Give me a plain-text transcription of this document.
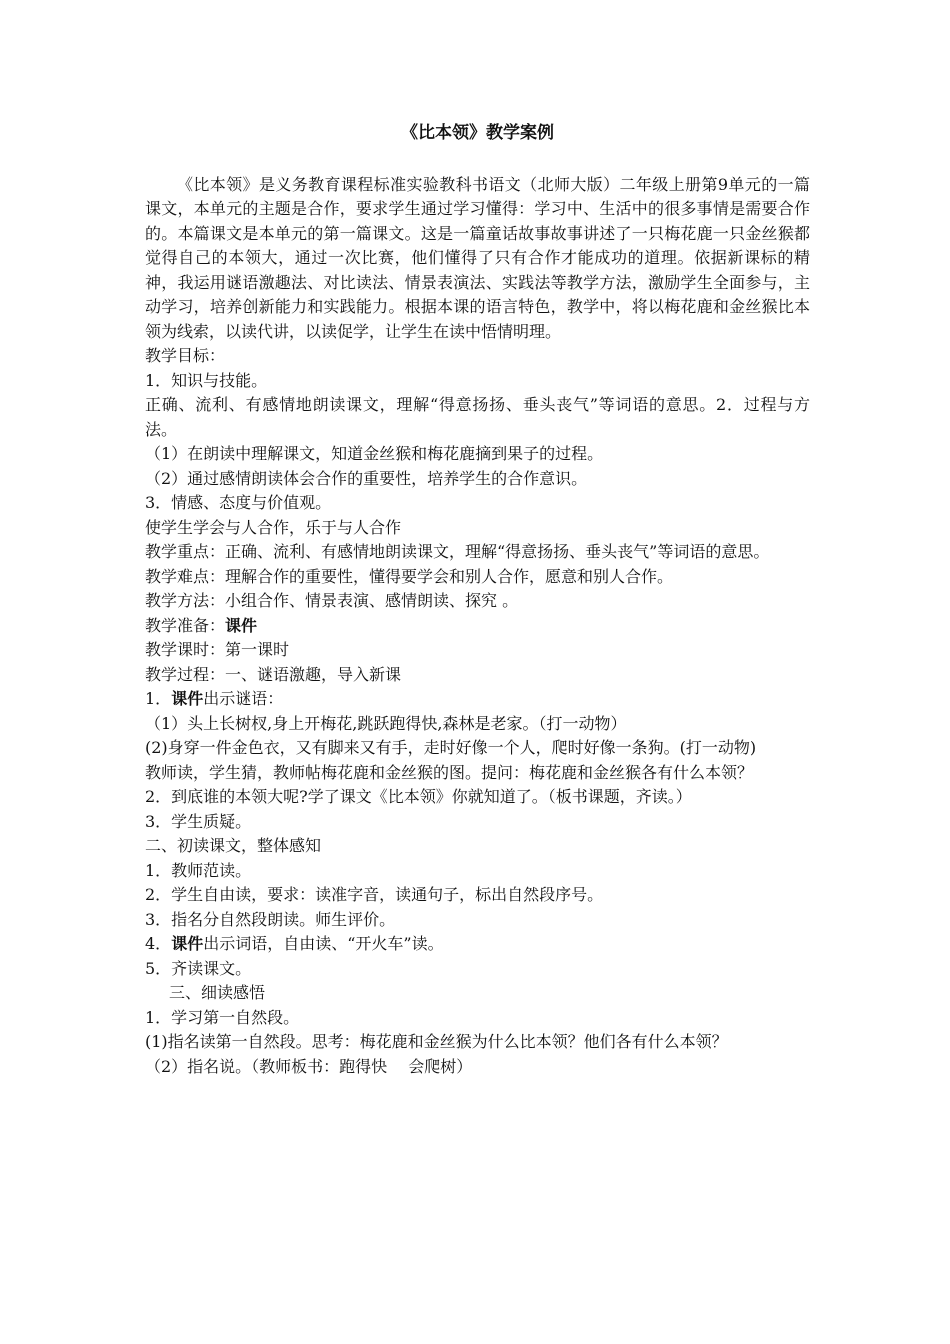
《比本领》教学案例

《比本领》是义务教育课程标准实验教科书语文（北师大版）二年级上册第9单元的一篇课文，本单元的主题是合作，要求学生通过学习懂得：学习中、生活中的很多事情是需要合作的。本篇课文是本单元的第一篇课文。这是一篇童话故事故事讲述了一只梅花鹿一只金丝猴都觉得自己的本领大，通过一次比赛，他们懂得了只有合作才能成功的道理。依据新课标的精神，我运用谜语激趣法、对比读法、情景表演法、实践法等教学方法，激励学生全面参与，主动学习，培养创新能力和实践能力。根据本课的语言特色，教学中，将以梅花鹿和金丝猴比本领为线索，以读代讲，以读促学，让学生在读中悟情明理。

教学目标：

1．知识与技能。

正确、流利、有感情地朗读课文，理解“得意扬扬、垂头丧气”等词语的意思。2．过程与方法。

（1）在朗读中理解课文，知道金丝猴和梅花鹿摘到果子的过程。

（2）通过感情朗读体会合作的重要性，培养学生的合作意识。

3．情感、态度与价值观。

使学生学会与人合作，乐于与人合作

教学重点：正确、流利、有感情地朗读课文，理解“得意扬扬、垂头丧气”等词语的意思。

教学难点：理解合作的重要性，懂得要学会和别人合作，愿意和别人合作。

教学方法：小组合作、情景表演、感情朗读、探究 。

教学准备：课件

教学课时：第一课时

教学过程：一、谜语激趣，导入新课

1．课件出示谜语：

（1）头上长树杈,身上开梅花,跳跃跑得快,森林是老家。（打一动物）

(2)身穿一件金色衣，又有脚来又有手，走时好像一个人，爬时好像一条狗。(打一动物)

教师读，学生猜，教师帖梅花鹿和金丝猴的图。提问：梅花鹿和金丝猴各有什么本领？

2．到底谁的本领大呢?学了课文《比本领》你就知道了。（板书课题，齐读。）

3．学生质疑。

二、初读课文，整体感知

1．教师范读。

2．学生自由读，要求：读准字音，读通句子，标出自然段序号。

3．指名分自然段朗读。师生评价。

4．课件出示词语，自由读、“开火车”读。

5．齐读课文。

三、细读感悟

1．学习第一自然段。

(1)指名读第一自然段。思考：梅花鹿和金丝猴为什么比本领？他们各有什么本领？

（2）指名说。（教师板书：跑得快　 会爬树）
